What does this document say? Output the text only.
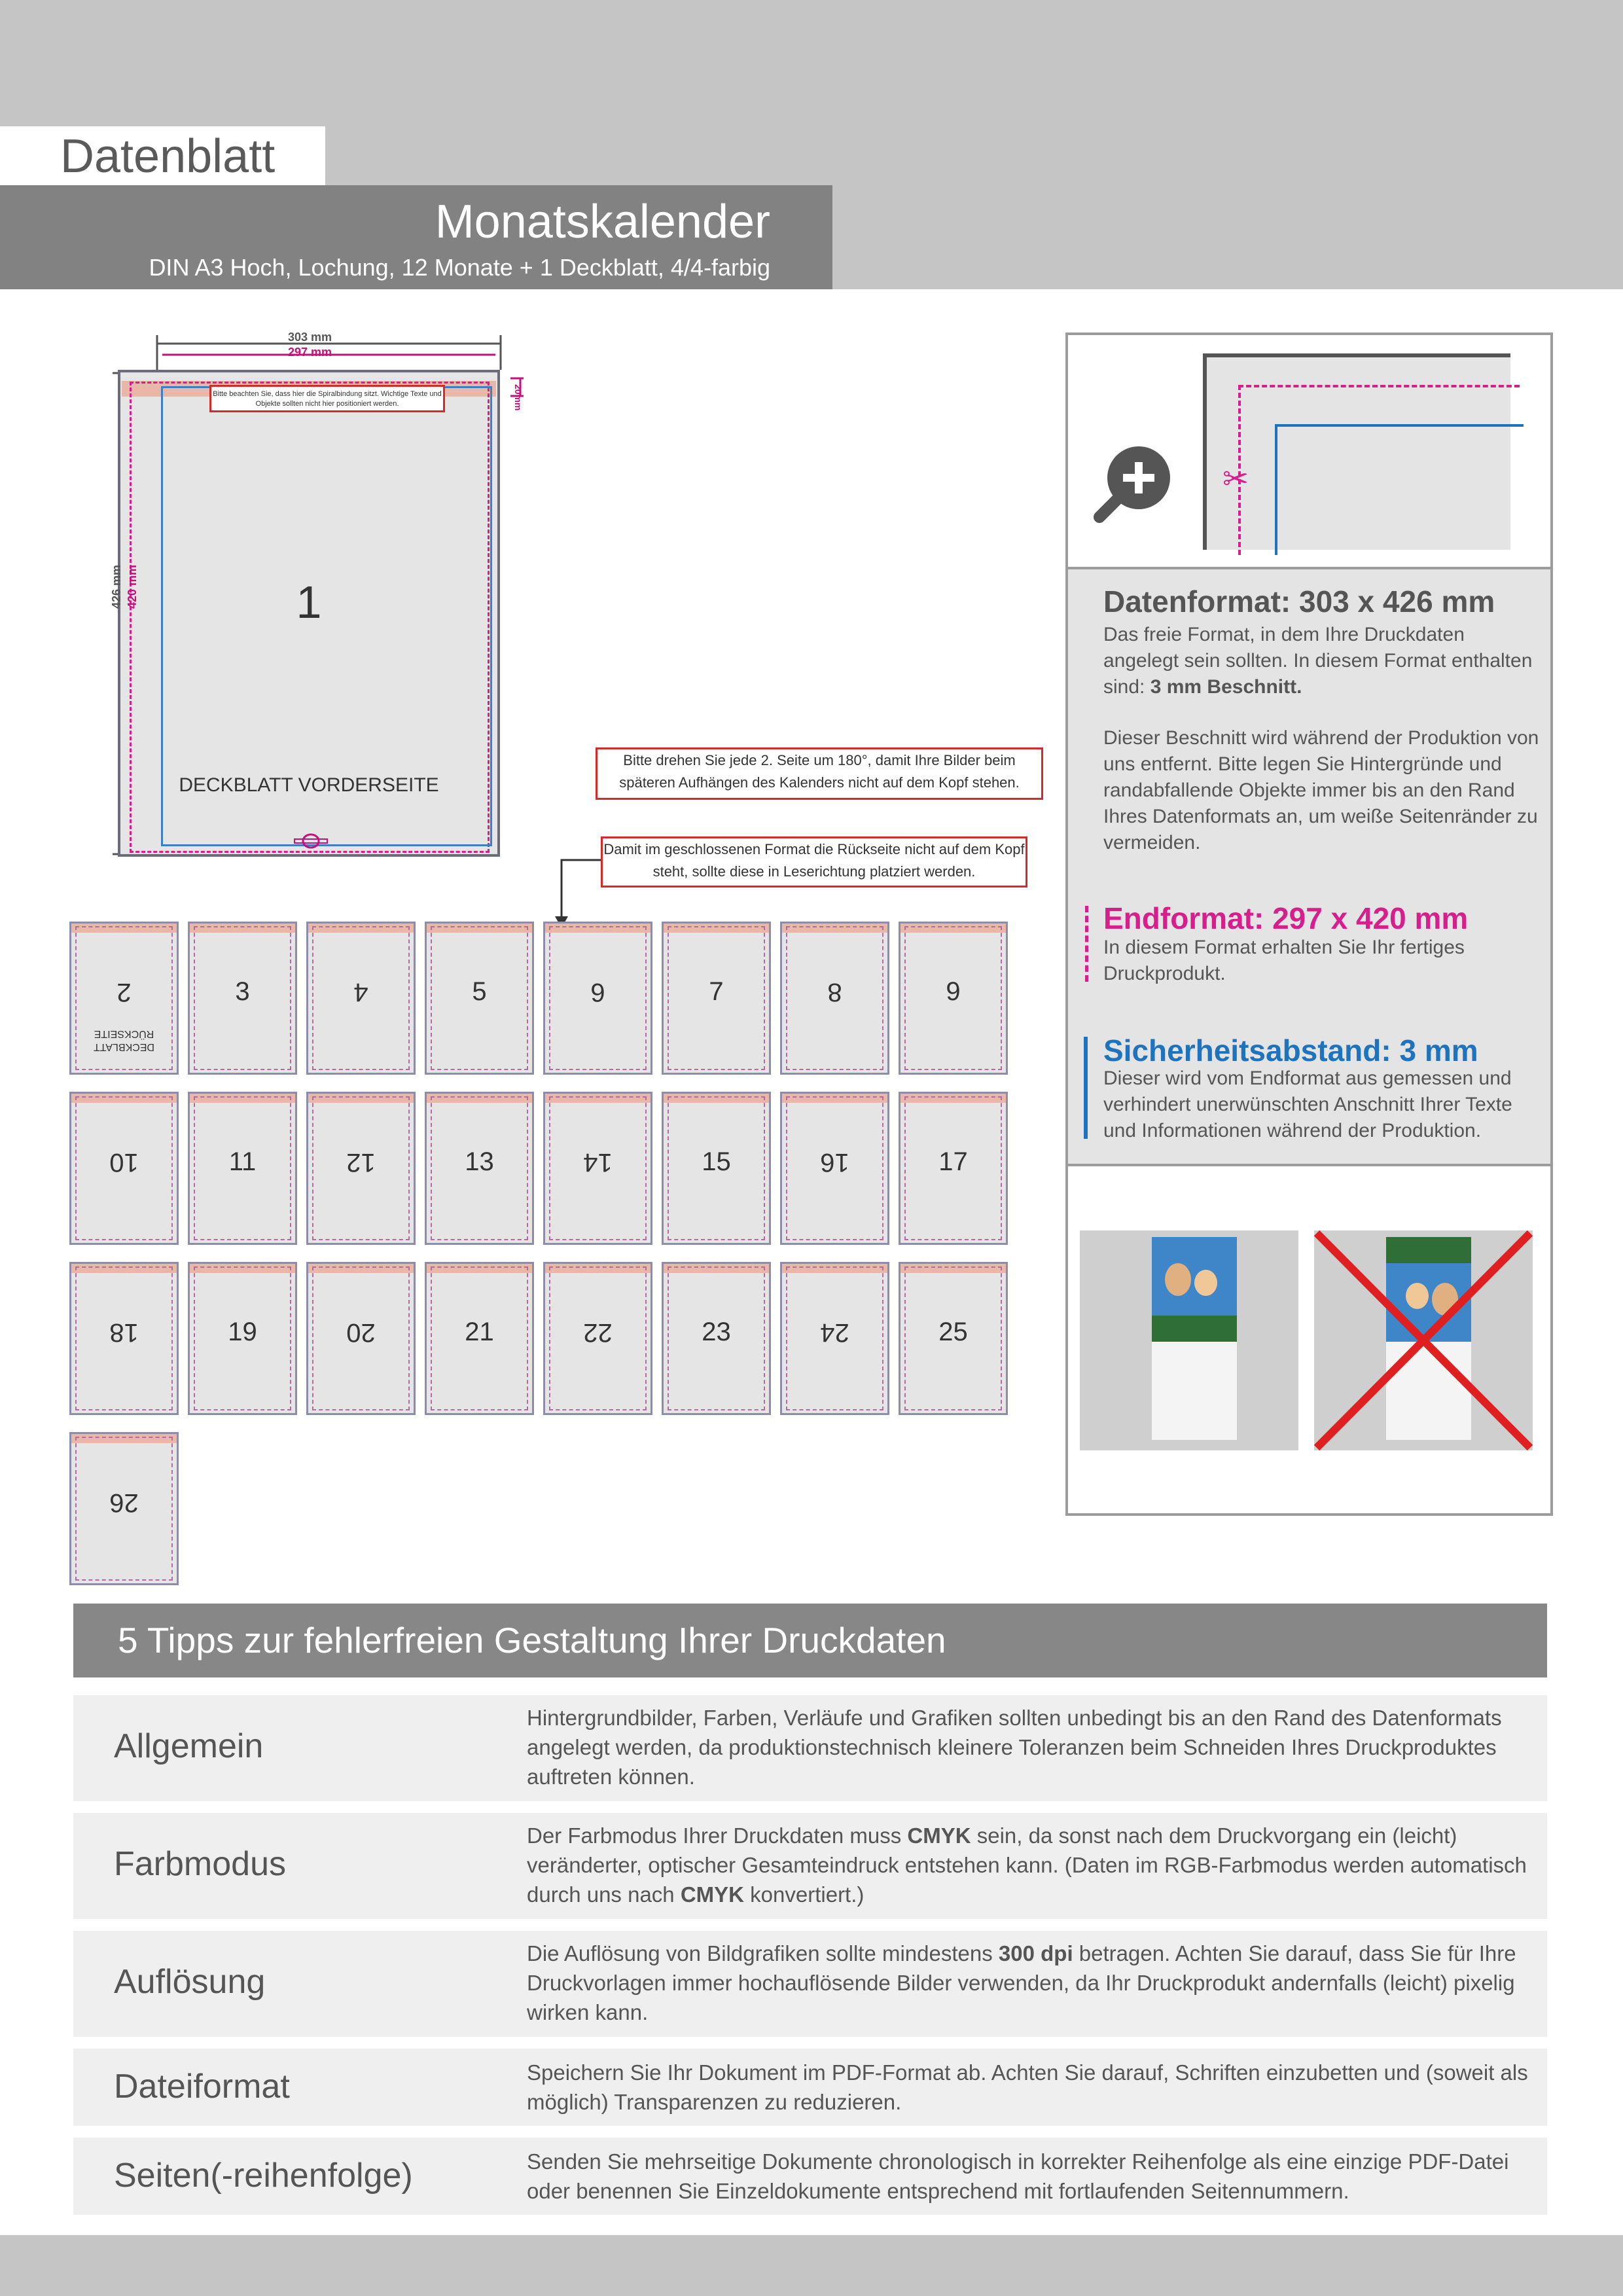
Datenblatt
Monatskalender
DIN A3 Hoch, Lochung, 12 Monate + 1 Deckblatt, 4/4-farbig
303 mm
297 mm
426 mm 420 mm
20mm
Bitte beachten Sie, dass hier die Spiralbindung sitzt. Wichtige Texte und Objekte sollten nicht hier positioniert werden.
1
DECKBLATT VORDERSEITE
Bitte drehen Sie jede 2. Seite um 180°, damit Ihre Bilder beim späteren Aufhängen des Kalenders nicht auf dem Kopf stehen.
Damit im geschlossenen Format die Rückseite nicht auf dem Kopf steht, sollte diese in Leserichtung platziert werden.
2
DECKBLATT
RÜCKSEITE
3	4	5	6	7	8	9
10	11	12	13	14	15	16	17
18	19	20	21	22	23	24	25
26
✂
Datenformat: 303 x 426 mm
Das freie Format, in dem Ihre Druckdaten angelegt sein sollten. In diesem Format enthalten sind: 3 mm Beschnitt.
Dieser Beschnitt wird während der Produktion von uns entfernt. Bitte legen Sie Hintergründe und randabfallende Objekte immer bis an den Rand Ihres Datenformats an, um weiße Seitenränder zu vermeiden.
Endformat: 297 x 420 mm
In diesem Format erhalten Sie Ihr fertiges Druckprodukt.
Sicherheitsabstand: 3 mm
Dieser wird vom Endformat aus gemessen und verhindert unerwünschten Anschnitt Ihrer Texte und Informationen während der Produktion.
5 Tipps zur fehlerfreien Gestaltung Ihrer Druckdaten
Allgemein
Hintergrundbilder, Farben, Verläufe und Grafiken sollten unbedingt bis an den Rand des Datenformats angelegt werden, da produktionstechnisch kleinere Toleranzen beim Schneiden Ihres Druckproduktes auftreten können.
Farbmodus
Der Farbmodus Ihrer Druckdaten muss CMYK sein, da sonst nach dem Druckvorgang ein (leicht) veränderter, optischer Gesamteindruck entstehen kann. (Daten im RGB-Farbmodus werden automatisch durch uns nach CMYK konvertiert.)
Auflösung
Die Auflösung von Bildgrafiken sollte mindestens 300 dpi betragen. Achten Sie darauf, dass Sie für Ihre Druckvorlagen immer hochauflösende Bilder verwenden, da Ihr Druckprodukt andernfalls (leicht) pixelig wirken kann.
Dateiformat	Speichern Sie Ihr Dokument im PDF-Format ab. Achten Sie darauf, Schriften einzubetten und (soweit als möglich) Transparenzen zu reduzieren.
Seiten(-reihenfolge)	Senden Sie mehrseitige Dokumente chronologisch in korrekter Reihenfolge als eine einzige PDF-Datei oder benennen Sie Einzeldokumente entsprechend mit fortlaufenden Seitennummern.
